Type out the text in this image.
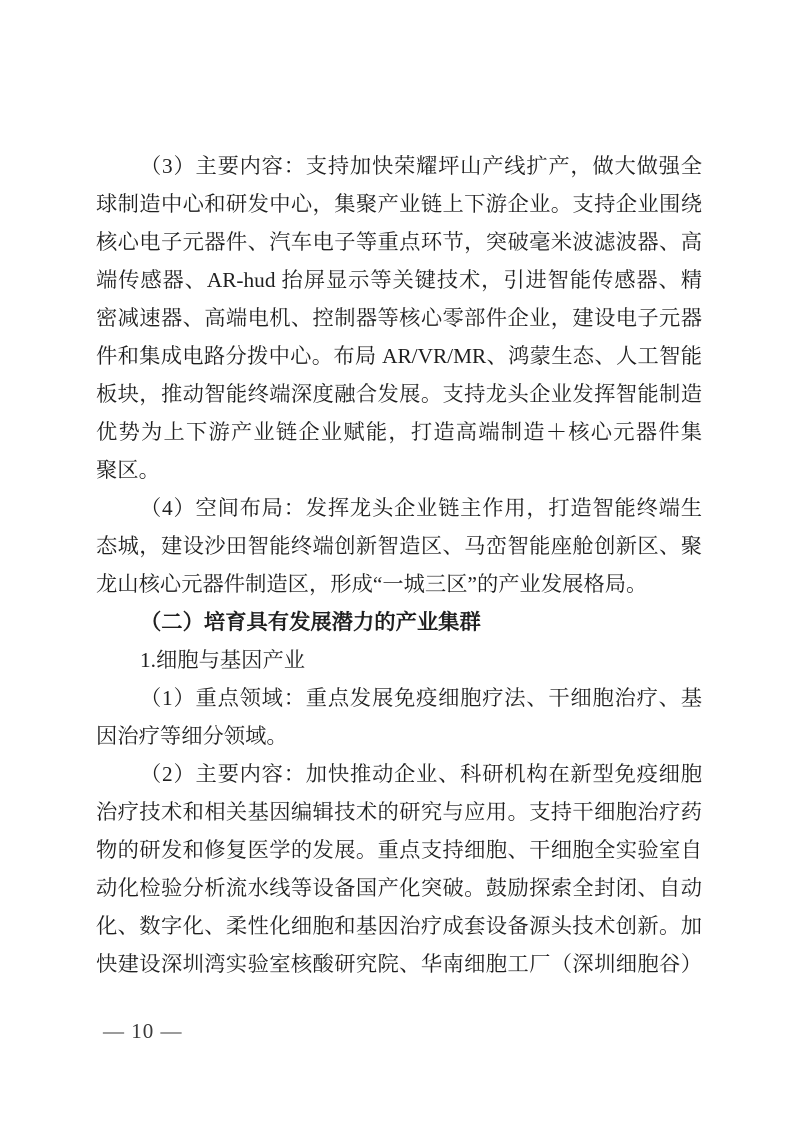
（3）主要内容：支持加快荣耀坪山产线扩产，做大做强全
球制造中心和研发中心，集聚产业链上下游企业。支持企业围绕
核心电子元器件、汽车电子等重点环节，突破毫米波滤波器、高
端传感器、AR-hud 抬屏显示等关键技术，引进智能传感器、精
密减速器、高端电机、控制器等核心零部件企业，建设电子元器
件和集成电路分拨中心。布局 AR/VR/MR、鸿蒙生态、人工智能
板块，推动智能终端深度融合发展。支持龙头企业发挥智能制造
优势为上下游产业链企业赋能，打造高端制造＋核心元器件集
聚区。
（4）空间布局：发挥龙头企业链主作用，打造智能终端生
态城，建设沙田智能终端创新智造区、马峦智能座舱创新区、聚
龙山核心元器件制造区，形成“一城三区”的产业发展格局。
（二）培育具有发展潜力的产业集群
1.细胞与基因产业
（1）重点领域：重点发展免疫细胞疗法、干细胞治疗、基
因治疗等细分领域。
（2）主要内容：加快推动企业、科研机构在新型免疫细胞
治疗技术和相关基因编辑技术的研究与应用。支持干细胞治疗药
物的研发和修复医学的发展。重点支持细胞、干细胞全实验室自
动化检验分析流水线等设备国产化突破。鼓励探索全封闭、自动
化、数字化、柔性化细胞和基因治疗成套设备源头技术创新。加
快建设深圳湾实验室核酸研究院、华南细胞工厂（深圳细胞谷）
— 10 —
